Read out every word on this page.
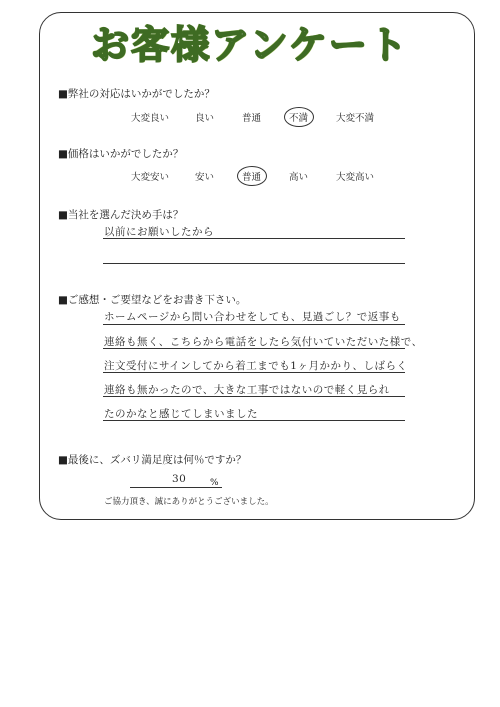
お客様アンケート
■弊社の対応はいかがでしたか？
大変良い	良い	普通	不満	大変不満
■価格はいかがでしたか？
大変安い	安い	普通	高い	大変高い
■当社を選んだ決め手は？
以前にお願いしたから
■ご感想・ご要望などをお書き下さい。
ホームページから問い合わせをしても、見過ごし？で返事も
連絡も無く、こちらから電話をしたら気付いていただいた様で、
注文受付にサインしてから着工までも1ヶ月かかり、しばらく
連絡も無かったので、大きな工事ではないので軽く見られ
たのかなと感じてしまいました
■最後に、ズバリ満足度は何％ですか？
30	%
ご協力頂き、誠にありがとうございました。
